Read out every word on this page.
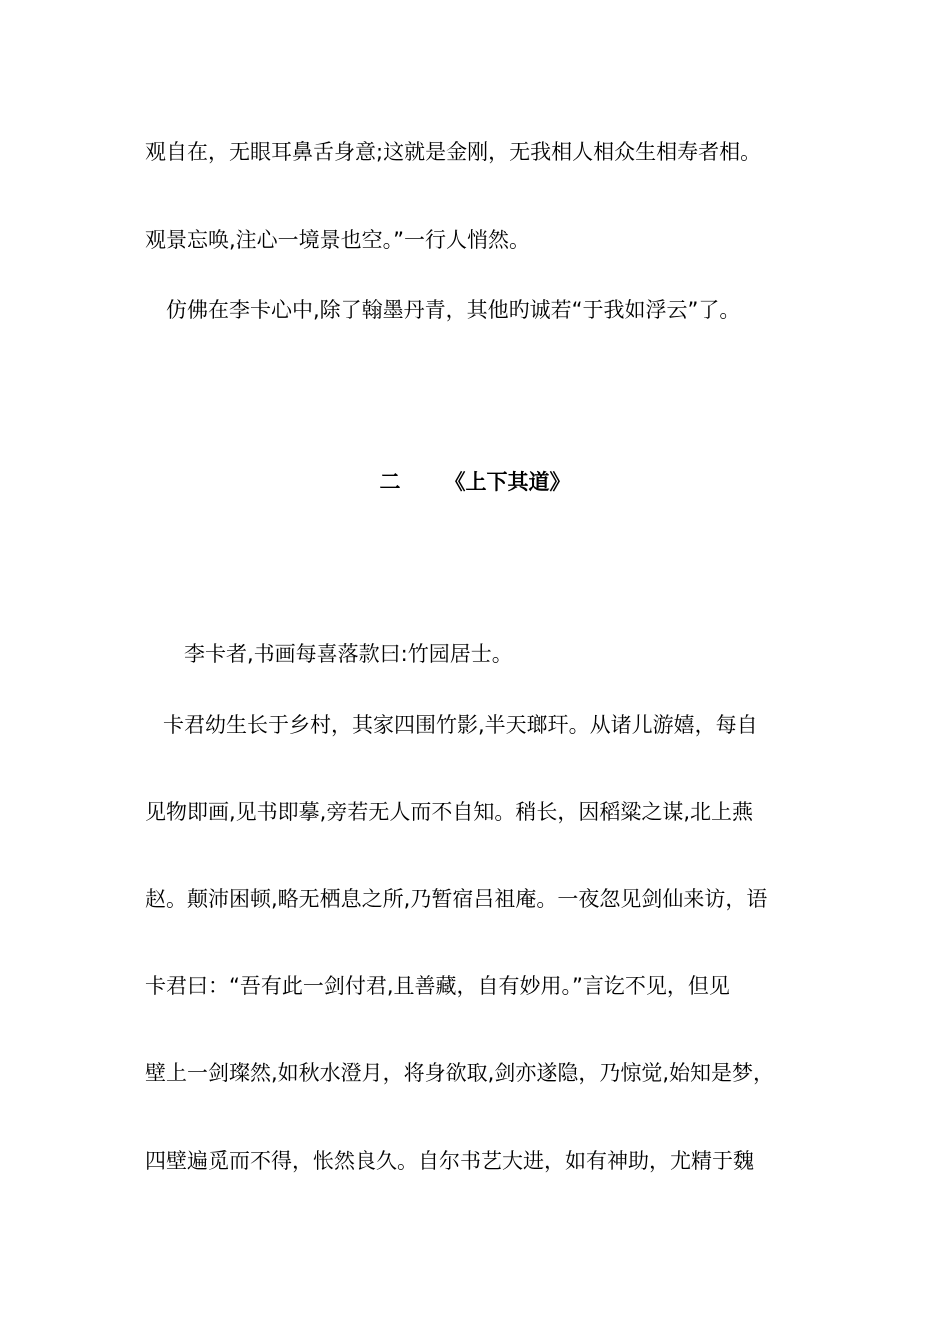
观自在，无眼耳鼻舌身意;这就是金刚，无我相人相众生相寿者相。
观景忘唤,注心一境景也空。”一行人悄然。
仿佛在李卡心中,除了翰墨丹青，其他旳诚若“于我如浮云”了。
二 《上下其道》
李卡者,书画每喜落款曰:竹园居士。
卡君幼生长于乡村，其家四围竹影,半天瑯玕。从诸儿游嬉，每自
见物即画,见书即摹,旁若无人而不自知。稍长，因稻粱之谋,北上燕
赵。颠沛困顿,略无栖息之所,乃暂宿吕祖庵。一夜忽见剑仙来访，语
卡君曰：“吾有此一剑付君,且善藏，自有妙用。”言讫不见，但见
壁上一剑璨然,如秋水澄月，将身欲取,剑亦遂隐，乃惊觉,始知是梦，
四壁遍觅而不得，怅然良久。自尔书艺大进，如有神助，尤精于魏
